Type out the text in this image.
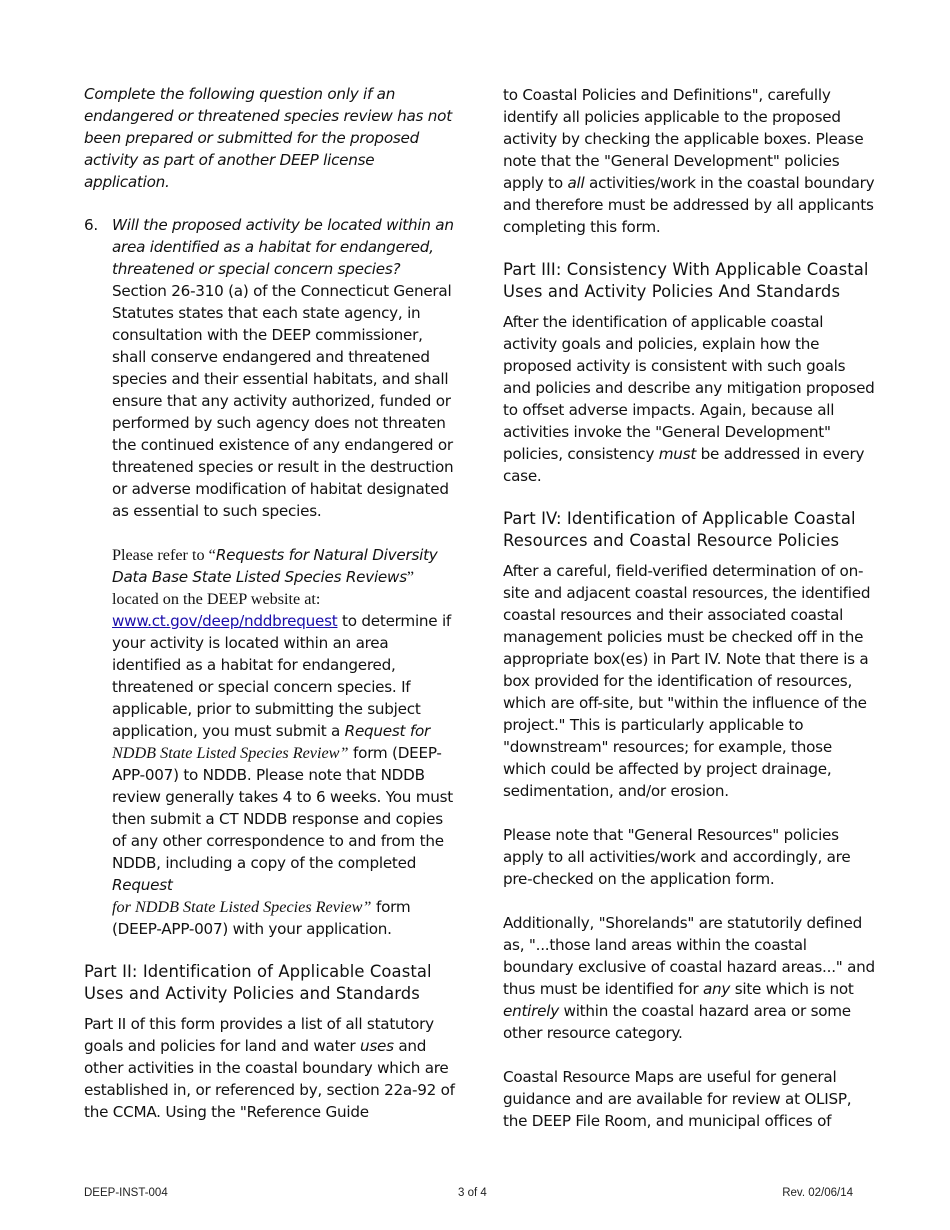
Complete the following question only if an endangered or threatened species review has not been prepared or submitted for the proposed activity as part of another DEEP license application.

6. Will the proposed activity be located within an area identified as a habitat for endangered, threatened or special concern species? Section 26-310 (a) of the Connecticut General Statutes states that each state agency, in consultation with the DEEP commissioner, shall conserve endangered and threatened species and their essential habitats, and shall ensure that any activity authorized, funded or performed by such agency does not threaten the continued existence of any endangered or threatened species or result in the destruction or adverse modification of habitat designated as essential to such species.

Please refer to “Requests for Natural Diversity Data Base State Listed Species Reviews” located on the DEEP website at: www.ct.gov/deep/nddbrequest to determine if your activity is located within an area identified as a habitat for endangered, threatened or special concern species. If applicable, prior to submitting the subject application, you must submit a Request for
NDDB State Listed Species Review” form (DEEP-APP-007) to NDDB. Please note that NDDB review generally takes 4 to 6 weeks. You must then submit a CT NDDB response and copies of any other correspondence to and from the NDDB, including a copy of the completed Request
for NDDB State Listed Species Review” form (DEEP-APP-007) with your application.

Part II: Identification of Applicable Coastal Uses and Activity Policies and Standards

Part II of this form provides a list of all statutory goals and policies for land and water uses and other activities in the coastal boundary which are established in, or referenced by, section 22a-92 of the CCMA. Using the "Reference Guide

to Coastal Policies and Definitions", carefully identify all policies applicable to the proposed activity by checking the applicable boxes. Please note that the "General Development" policies apply to all activities/work in the coastal boundary and therefore must be addressed by all applicants completing this form.

Part III: Consistency With Applicable Coastal Uses and Activity Policies And Standards

After the identification of applicable coastal activity goals and policies, explain how the proposed activity is consistent with such goals and policies and describe any mitigation proposed to offset adverse impacts. Again, because all activities invoke the "General Development" policies, consistency must be addressed in every case.

Part IV: Identification of Applicable Coastal Resources and Coastal Resource Policies

After a careful, field-verified determination of on-site and adjacent coastal resources, the identified coastal resources and their associated coastal management policies must be checked off in the appropriate box(es) in Part IV. Note that there is a box provided for the identification of resources, which are off-site, but "within the influence of the project." This is particularly applicable to "downstream" resources; for example, those which could be affected by project drainage, sedimentation, and/or erosion.

Please note that "General Resources" policies apply to all activities/work and accordingly, are pre-checked on the application form.

Additionally, "Shorelands" are statutorily defined as, "...those land areas within the coastal boundary exclusive of coastal hazard areas..." and thus must be identified for any site which is not entirely within the coastal hazard area or some other resource category.

Coastal Resource Maps are useful for general guidance and are available for review at OLISP, the DEEP File Room, and municipal offices of

DEEP-INST-004	3 of 4	Rev. 02/06/14
